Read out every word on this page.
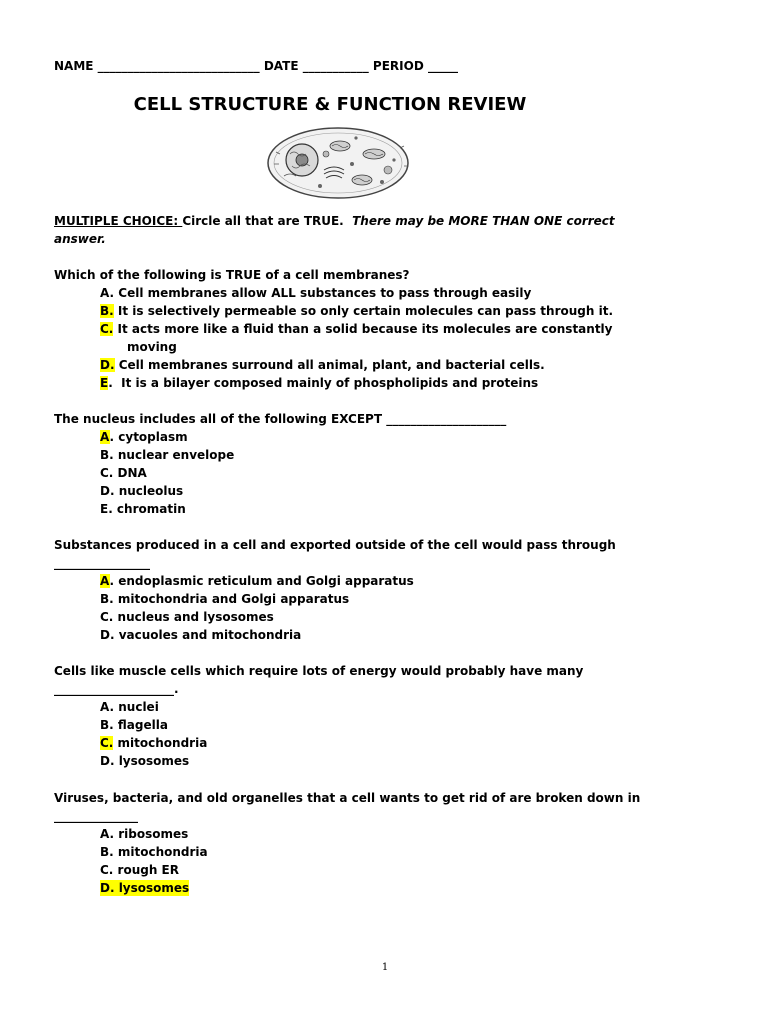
NAME ___________________________ DATE ___________ PERIOD _____
CELL STRUCTURE & FUNCTION REVIEW
MULTIPLE CHOICE: Circle all that are TRUE. There may be MORE THAN ONE correct
answer.
Which of the following is TRUE of a cell membranes?
A. Cell membranes allow ALL substances to pass through easily
B. It is selectively permeable so only certain molecules can pass through it.
C. It acts more like a fluid than a solid because its molecules are constantly
moving
D. Cell membranes surround all animal, plant, and bacterial cells.
E.  It is a bilayer composed mainly of phospholipids and proteins
The nucleus includes all of the following EXCEPT ____________________
A. cytoplasm
B. nuclear envelope
C. DNA
D. nucleolus
E. chromatin
Substances produced in a cell and exported outside of the cell would pass through
________________
A. endoplasmic reticulum and Golgi apparatus
B. mitochondria and Golgi apparatus
C. nucleus and lysosomes
D. vacuoles and mitochondria
Cells like muscle cells which require lots of energy would probably have many
____________________.
A. nuclei
B. flagella
C. mitochondria
D. lysosomes
Viruses, bacteria, and old organelles that a cell wants to get rid of are broken down in
______________
A. ribosomes
B. mitochondria
C. rough ER
D. lysosomes
1
